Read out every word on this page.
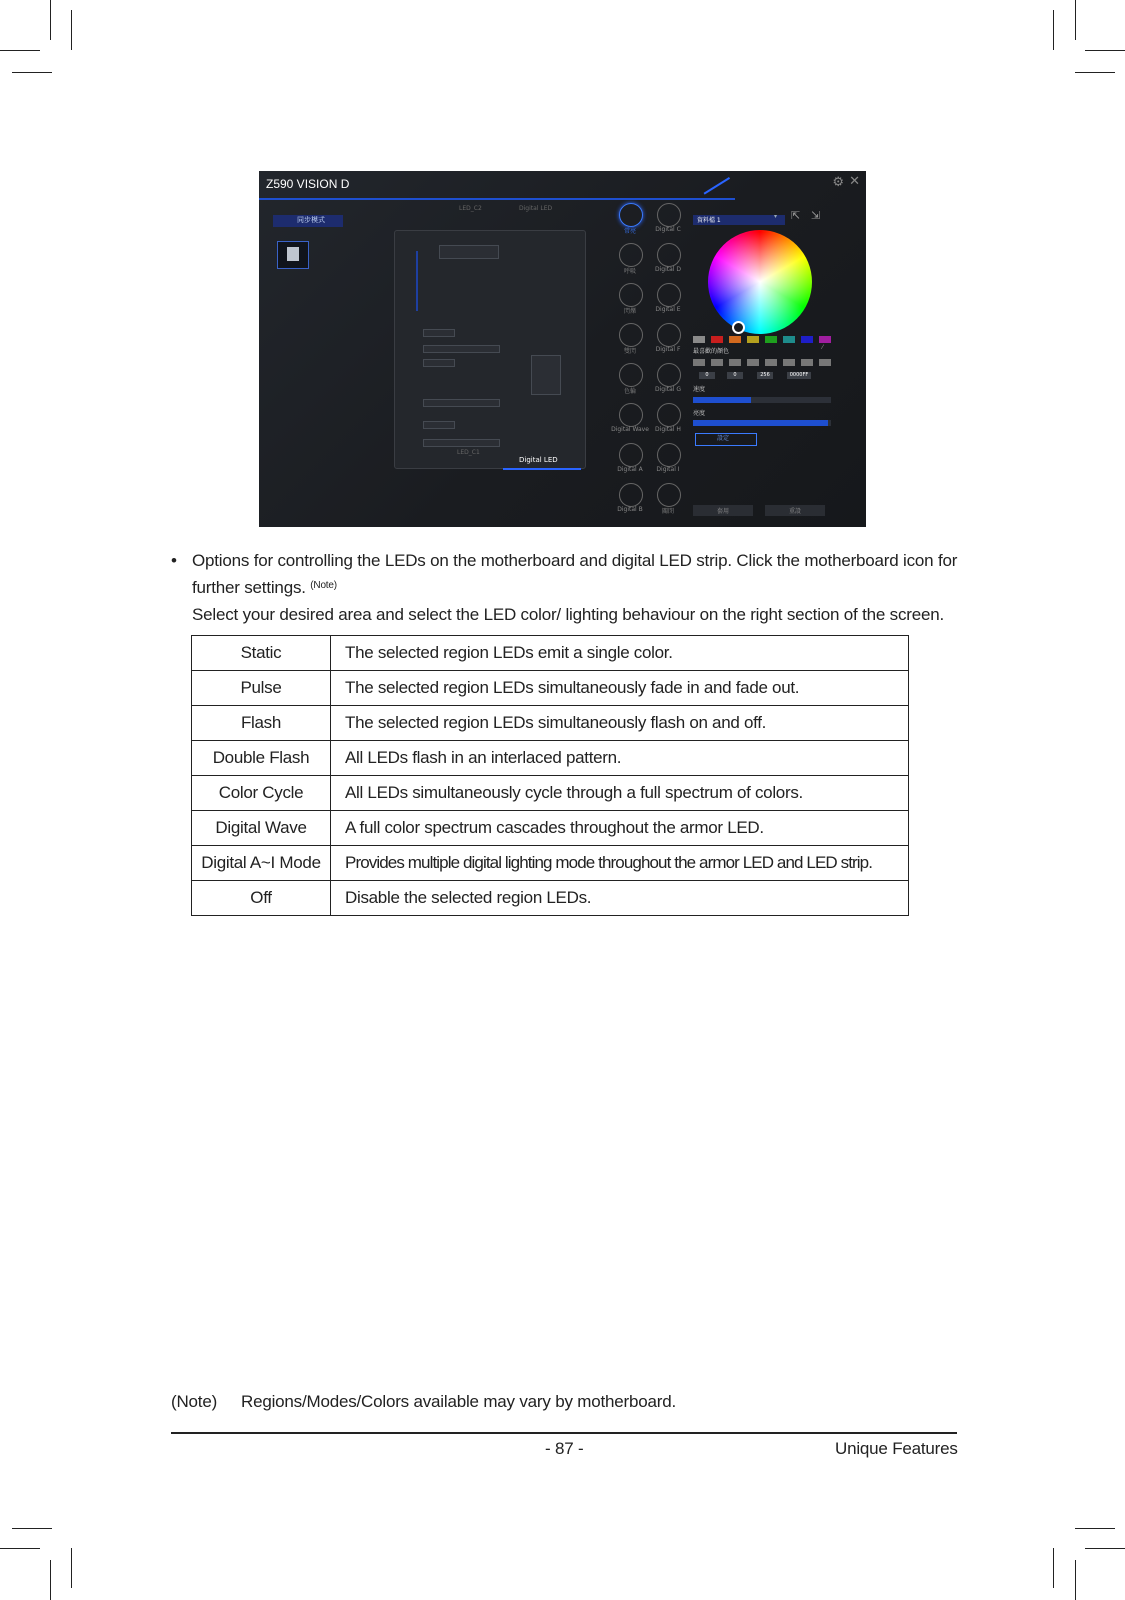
Z590 VISION D	⚙ ✕
同步模式
LED_C2	Digital LED
LED_C1
Digital LED
常亮	Digital C
呼吸	Digital D
閃爍	Digital E
雙閃	Digital F
色輪	Digital G
Digital Wave	Digital H
Digital A	Digital I
Digital B	關閉
資料檔 1
▾ ⇱ ⇲
最喜歡的顏色
⁄
0	0	256	0000FF
速度
亮度
設定
套用	重設
• Options for controlling the LEDs on the motherboard and digital LED strip. Click the motherboard icon for
further settings. $^{(Note)}$
Select your desired area and select the LED color/ lighting behaviour on the right section of the screen.
Static	The selected region LEDs emit a single color.
Pulse	The selected region LEDs simultaneously fade in and fade out.
Flash	The selected region LEDs simultaneously flash on and off.
Double Flash	All LEDs flash in an interlaced pattern.
Color Cycle	All LEDs simultaneously cycle through a full spectrum of colors.
Digital Wave	A full color spectrum cascades throughout the armor LED.
Digital A~I Mode	Provides multiple digital lighting mode throughout the armor LED and LED strip.
Off	Disable the selected region LEDs.
(Note) Regions/Modes/Colors available may vary by motherboard.
- 87 -	Unique Features
